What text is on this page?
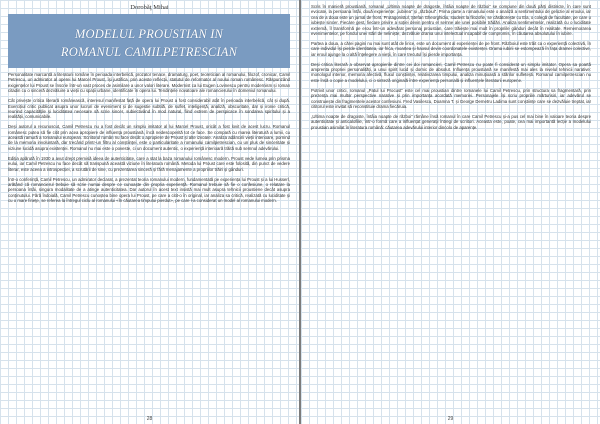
Dorobăţ Mihai
MODELUL PROUSTIAN IN
ROMANUL CAMILPETRESCIAN

Personalitate marcantă a literaturii române în perioada interbelică, prozator tenace, dramaturg, poet, teoretician al romanului, filozof, cronicar, Camil Petrescu, un admirator al operei lui Marcel Proust, își justifica, prin aceste reflecții, statutul de reformator al noului roman românesc. Răspunzând exigențelor lui Proust se înscrie într-un vast proces de asimilare a unor valori literare. Modernist ca lui Eugen Lovinescu pentru modernism și roman citadin cu o sinceră dezvăluire a vieții cu spații urbane, identificate în opera lui. Tendințele novatoare ale romancierului în domeniul romanului.

Cât privește critica literară românească, interesul manifestat față de opera lui Proust a fost considerabil atât în perioada interbelică, cât și după. Exercițiul critic publicat asupra unor lucruri de eveniment și de sugestie subtilă, de suflet, inteligență, analiză, obscuritate, dar și ironie critică, reunind capacitățile și luciditatea necesare să scrie sincer, subiectivând în mod natural, fiind extrem de perspicace în sondarea spiritului și a realității, comunicabile.

Deși autorul a recunoscut, Camil Petrescu nu a fost decât un simplu imitator al lui Marcel Proust, oricât a fost lovit de acest lucru. Romanul românesc putea să fie citit prin acea apropiere de influența proustiană, încă nedescoperită tot ce face. Se compară cu marea literatură a lumii, cu această ramură a romanului european. Scriitorul român nu face decât o apropiere de Proust și alte izvoare. Analiza adâncirii vieții interioare, pornind de la memoria involuntară, dar trecând printr-un filtru al conștiinței, este o particularitate a romanului camilpetrescian, cu un plus de sinceritate și viziune lucidă asupra existenței. Romanul nu mai este o poveste, ci un document autentic, o experiență interioară trăită sub semnul adevărului.

Ediția apărută în 1930 a avut drept premisă ideea de autenticitate, care a stat la baza romanului românesc modern. Proust vede lumea prin prisma eului, iar Camil Petrescu nu face decât să transpună această viziune în literatura română. Metoda lui Proust care este folosită, din punct de vedere literar, este aceea a introspecției, a scrutării de sine, cu prezentarea sinceră și fără menajamente a propriilor trăiri și gânduri.

Într-o conferință, Camil Petrescu, un admirator declarat, a prezentat teoria romanului modern, fundamentată pe experiența lui Proust și a lui Husserl, arătând că romancierul trebuie să scrie numai despre ce cunoaște din propria experiență. Romanul trebuie să fie o confesiune, o relatare la persoana întâi, singura modalitate de a atinge autenticitatea. Dar autorul în acest text insistă mai mult asupra tehnicii proustiene decât asupra conținutului. Fără îndoială, Camil Petrescu cunoștea bine opera lui Proust, pe care a citit-o în original, iar analiza sa critică, realizată cu luciditate și cu o mare fineţe, se referea la întregul ciclu al romanului «În căutarea timpului pierdut», pe care l-a considerat un model al romanului modern.

28

Scris în manieră proustiană, romanul „Ultima noapte de dragoste, întâia noapte de război” se compune din două părți distincte, în care sunt evocate, la persoana întâi, două experiențe: „iubirea” și „războiul”. Prima parte a romanului este o analiză a sentimentului de gelozie al eroului, iar cea de a doua este un jurnal de front. Protagonistul, Ștefan Gheorghidiu, student la filozofie, se căsătorește cu Ela, o colegă de facultate, pe care o iubește sincer. Fiecare gest, fiecare privire a soției devin pentru el semne ale unei posibile trădări. Analiza sentimentelor, realizată cu o luciditate extremă, îl transformă pe erou într-un adevărat personaj proustian, care trăiește mai mult în propriile gânduri decât în realitate. Rememorarea evenimentelor, pe fondul unei stări de neliniște, dezvăluie drama unui intelectual incapabil de compromis, în căutarea absolutului în iubire.

Partea a doua, a cărei pagini nu mai sunt atât de lirice, este un document al experienței de pe front. Războiul este trăit ca o experiență colectivă, în care individul își pierde identitatea, iar frica, moartea și haosul devin coordonatele existenței. Drama iubirii se estompează în fața dramei colective, iar eroul ajunge la o altă înțelegere a vieții, în care trecutul își pierde importanța.

Deși critica literară a observat apropierile dintre cei doi romancieri, Camil Petrescu nu poate fi considerat un simplu imitator. Opera sa poartă amprenta propriei personalități, a unui spirit lucid și dornic de absolut. Influența proustiană se manifestă mai ales la nivelul tehnicii narative: monologul interior, memoria afectivă, fluxul conștiinței, relativizarea timpului, analiza minuțioasă a stărilor sufletești. Romanul camilpetrescian nu este însă o copie a modelului, ci o sinteză originală între experiența personală și influențele literaturii europene.

Potrivit unor critici, romanul „Patul lui Procust” este cel mai proustian dintre romanele lui Camil Petrescu, prin structura sa fragmentară, prin prezența mai multor perspective narative și prin importanța acordată memoriei. Personajele își scriu propriile mărturisiri, iar adevărul se construiește din fragmentele acestor confesiuni. Fred Vasilescu, Doamna T. și George Demetru Ladima sunt conștiințe care se dezvăluie treptat, iar cititorul este invitat să reconstituie drama fiecăruia.

„Ultima noapte de dragoste, întâia noapte de război” rămâne însă romanul în care Camil Petrescu și-a pus cel mai bine în valoare teoria despre autenticitate și anticalofilie, într-o formă care a influențat generații întregi de scriitori. Aceasta este, poate, cea mai importantă lecție a modelului proustian asimilat în literatura română: căutarea adevărului interior dincolo de aparențe.

29
